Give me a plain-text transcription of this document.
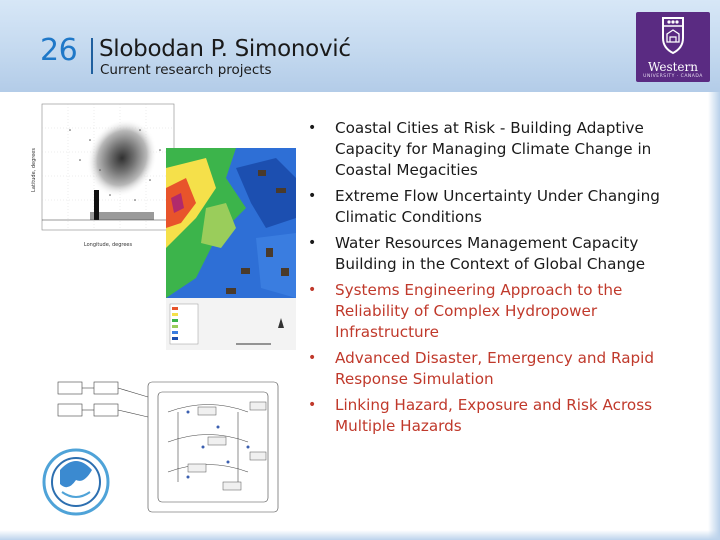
26 Slobodan P. Simonović
Current research projects	Western
UNIVERSITY · CANADA
Longitude, degrees
Latitude, degrees
• Coastal Cities at Risk - Building Adaptive Capacity for Managing Climate Change in Coastal Megacities
• Extreme Flow Uncertainty Under Changing Climatic Conditions
• Water Resources Management Capacity Building in the Context of Global Change
• Systems Engineering Approach to the Reliability of Complex Hydropower Infrastructure
• Advanced Disaster, Emergency and Rapid Response Simulation
• Linking Hazard, Exposure and Risk Across Multiple Hazards
